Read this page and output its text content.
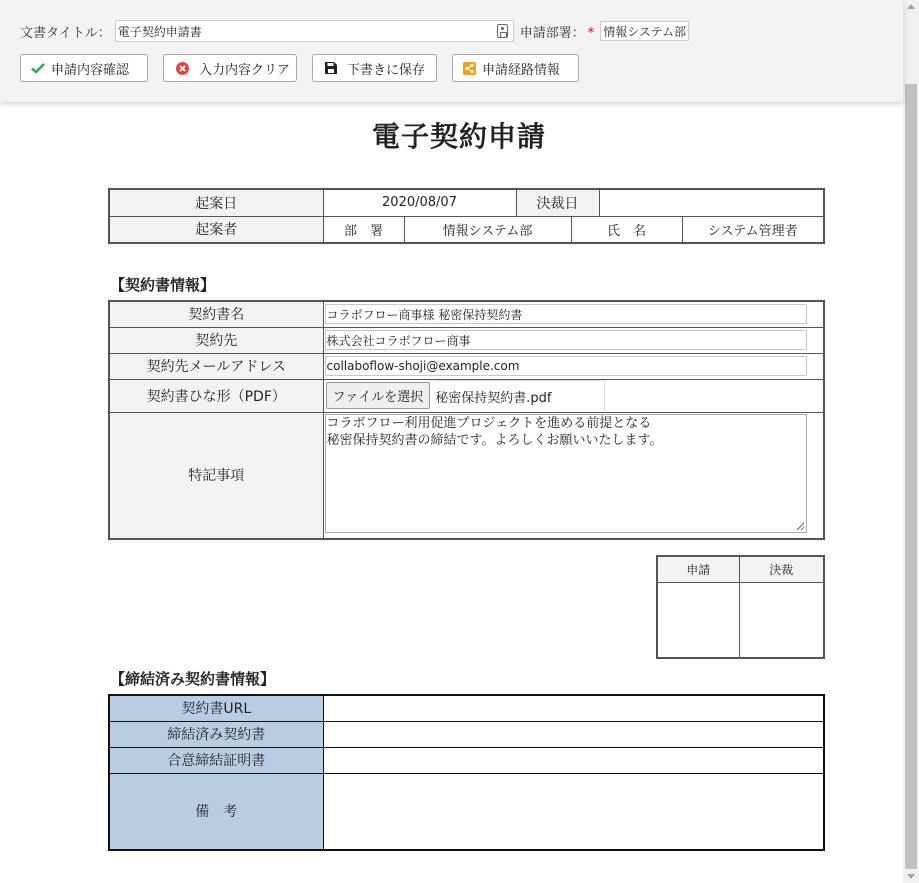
文書タイトル： 電子契約申請書	申請部署： * 情報システム部
申請内容確認	入力内容クリア	下書きに保存	申請経路情報
電子契約申請
起案日	2020/08/07		決裁日			
起案者	部　署	情報システム部		氏　名		システム管理者
【契約書情報】
契約書名	コラボフロー商事様 秘密保持契約書

契約先	株式会社コラボフロー商事

契約先メールアドレス	collaboflow-shoji@example.com

契約書ひな形（PDF）	ファイルを選択 秘密保持契約書.pdf

特記事項	コラボフロー利用促進プロジェクトを進める前提となる
秘密保持契約書の締結です。よろしくお願いいたします。
申請	決裁

【締結済み契約書情報】
契約書URL	
締結済み契約書	
合意締結証明書	
備　考	
